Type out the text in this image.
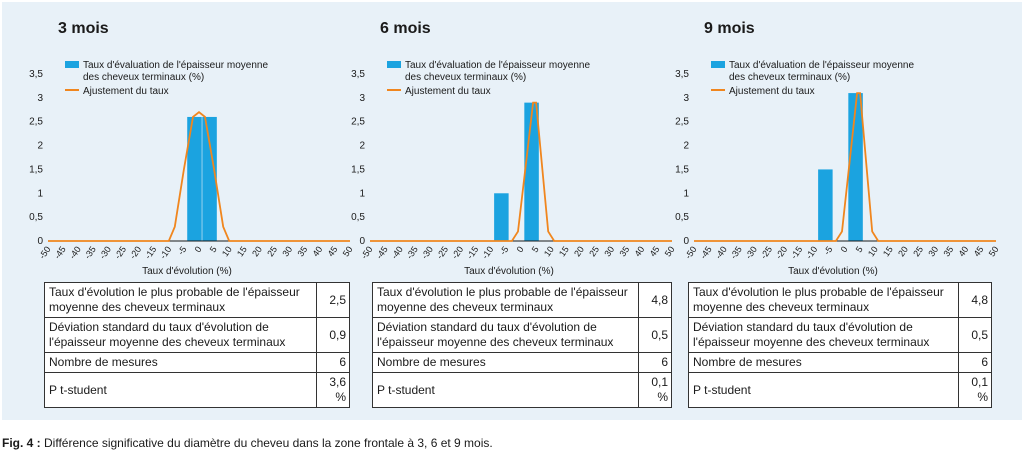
3 mois
Taux d'évaluation de l'épaisseur moyenne des cheveux terminaux (%)
Ajustement du taux
0
0,5
1
1,5
2
2,5
3
3,5
-50 -45 -40 -35 -30 -25 -20 -15 -10 -5 0 5 10 15 20 25 30 35 40 45 50
Taux d'évolution (%)
Taux d'évolution le plus probable de l'épaisseur moyenne des cheveux terminaux	2,5
Déviation standard du taux d'évolution de l'épaisseur moyenne des cheveux terminaux	0,9
Nombre de mesures	6
P t-student	3,6 %
6 mois
Taux d'évaluation de l'épaisseur moyenne des cheveux terminaux (%)
Ajustement du taux
0
0,5
1
1,5
2
2,5
3
3,5
-50 -45 -40 -35 -30 -25 -20 -15 -10 -5 0 5 10 15 20 25 30 35 40 45 50
Taux d'évolution (%)
Taux d'évolution le plus probable de l'épaisseur moyenne des cheveux terminaux	4,8
Déviation standard du taux d'évolution de l'épaisseur moyenne des cheveux terminaux	0,5
Nombre de mesures	6
P t-student	0,1 %
9 mois
Taux d'évaluation de l'épaisseur moyenne des cheveux terminaux (%)
Ajustement du taux
0
0,5
1
1,5
2
2,5
3
3,5
-50 -45 -40 -35 -30 -25 -20 -15 -10 -5 0 5 10 15 20 25 30 35 40 45 50
Taux d'évolution (%)
Taux d'évolution le plus probable de l'épaisseur moyenne des cheveux terminaux	4,8
Déviation standard du taux d'évolution de l'épaisseur moyenne des cheveux terminaux	0,5
Nombre de mesures	6
P t-student	0,1 %
Fig. 4 : Différence significative du diamètre du cheveu dans la zone frontale à 3, 6 et 9 mois.
